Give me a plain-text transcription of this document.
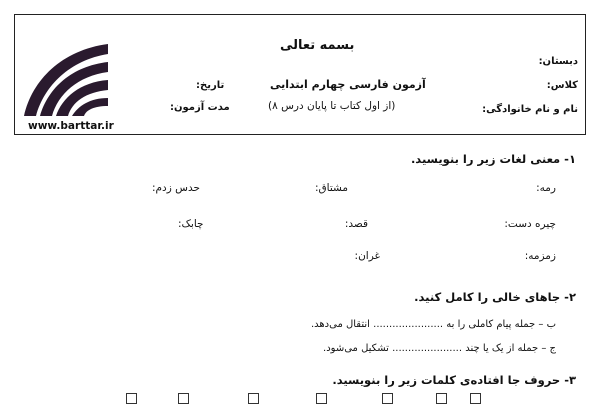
بسمه تعالی
دبستان:
کلاس:
نام و نام خانوادگی:
آزمون فارسی چهارم ابتدایی
(از اول کتاب تا پایان درس ۸)
تاریخ:
مدت آزمون:
www.barttar.ir
۱- معنی لغات زیر را بنویسید.
رمه:
مشتاق:
حدس زدم:
چیره دست:
قصد:
چابک:
زمزمه:
غران:
۲- جاهای خالی را کامل کنید.
ب – جمله پیام کاملی را به ...................... انتقال می‌دهد.
ج – جمله از یک یا چند ...................... تشکیل می‌شود.
۳- حروف جا افتاده‌ی کلمات زیر را بنویسید.
